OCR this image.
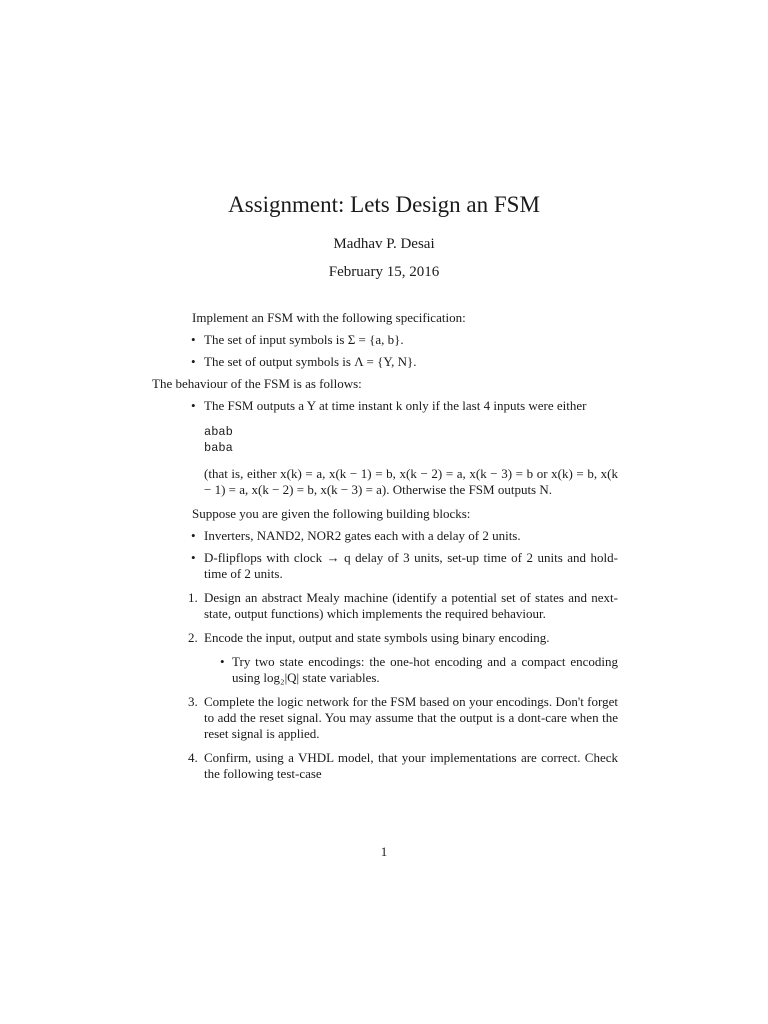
Assignment: Lets Design an FSM
Madhav P. Desai
February 15, 2016

Implement an FSM with the following specification:

• The set of input symbols is Σ = {a, b}.
• The set of output symbols is Λ = {Y, N}.

The behaviour of the FSM is as follows:

• The FSM outputs a Y at time instant k only if the last 4 inputs were either
abab
baba

(that is, either x(k) = a, x(k − 1) = b, x(k − 2) = a, x(k − 3) = b or x(k) = b, x(k − 1) = a, x(k − 2) = b, x(k − 3) = a). Otherwise the FSM outputs N.

Suppose you are given the following building blocks:

• Inverters, NAND2, NOR2 gates each with a delay of 2 units.
• D-flipflops with clock → q delay of 3 units, set-up time of 2 units and hold-time of 2 units.
1. Design an abstract Mealy machine (identify a potential set of states and next-state, output functions) which implements the required behaviour.
2. Encode the input, output and state symbols using binary encoding.
• Try two state encodings: the one-hot encoding and a compact encoding using log₂|Q| state variables.
3. Complete the logic network for the FSM based on your encodings. Don't forget to add the reset signal. You may assume that the output is a dont-care when the reset signal is applied.
4. Confirm, using a VHDL model, that your implementations are correct. Check the following test-case
1
